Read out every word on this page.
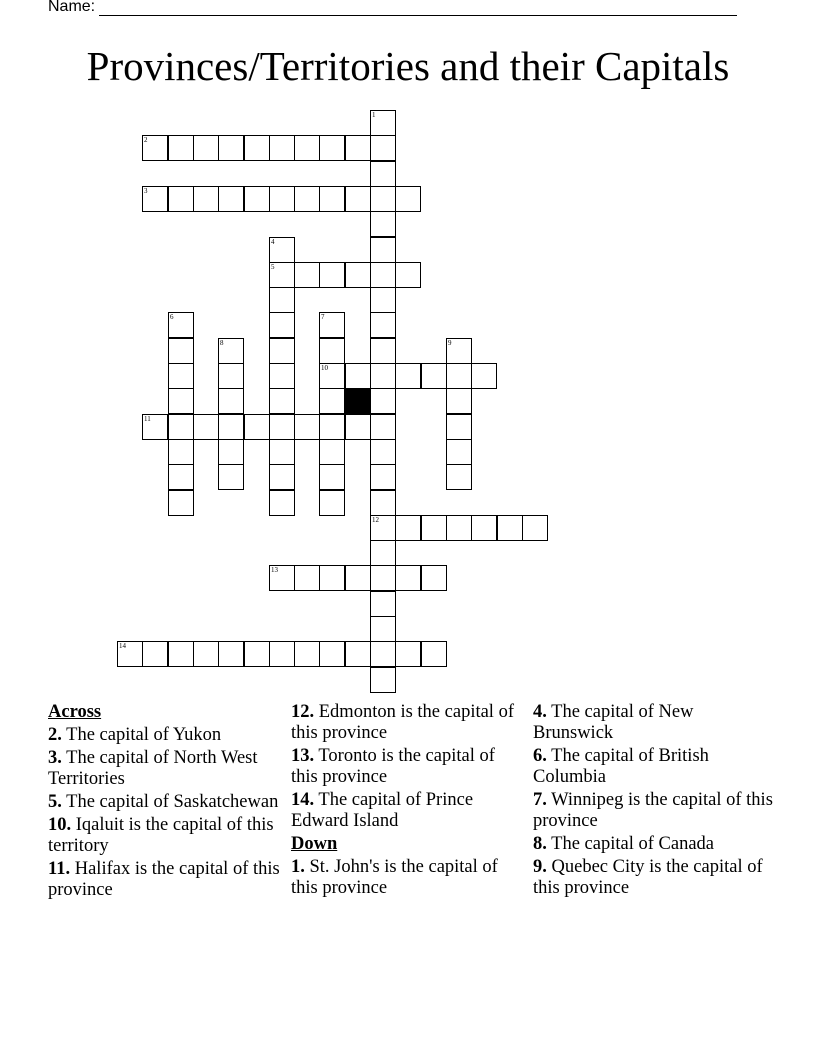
Name:
Provinces/Territories and their Capitals
1
12
2
3
4
5
6	7
10
8	9
11
13
14
Across
2. The capital of Yukon
3. The capital of North West Territories
5. The capital of Saskatchewan
10. Iqaluit is the capital of this territory
11. Halifax is the capital of this province
12. Edmonton is the capital of this province
13. Toronto is the capital of this province
14. The capital of Prince Edward Island
Down
1. St. John's is the capital of this province
4. The capital of New Brunswick
6. The capital of British Columbia
7. Winnipeg is the capital of this province
8. The capital of Canada
9. Quebec City is the capital of this province
